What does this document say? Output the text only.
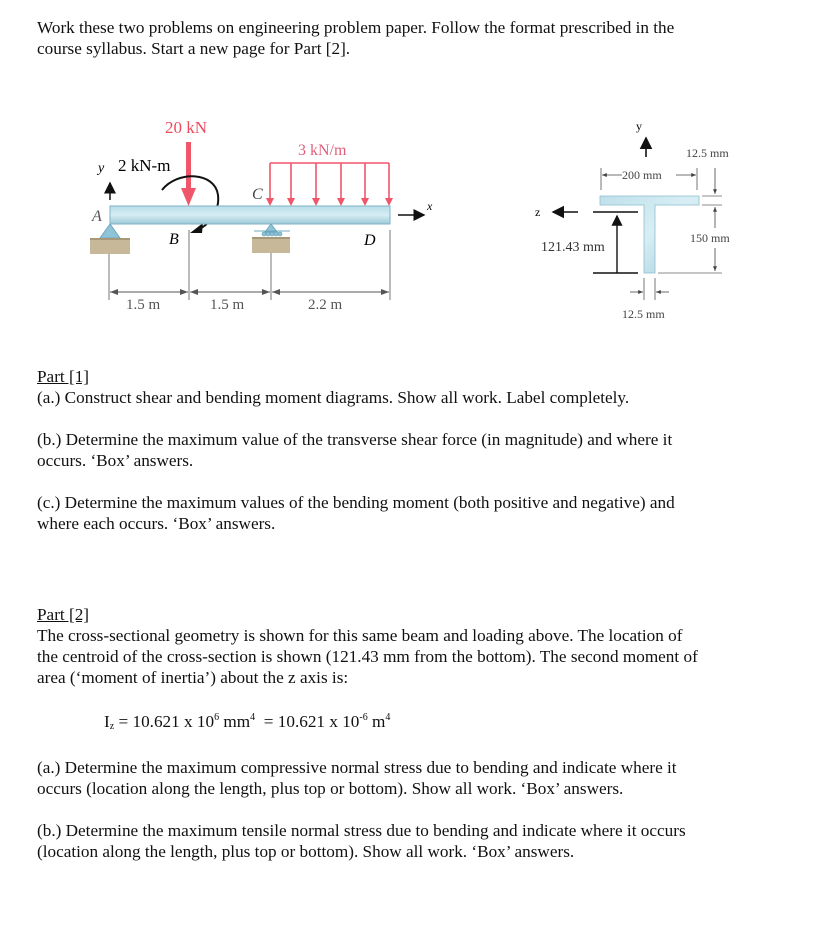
Work these two problems on engineering problem paper. Follow the format prescribed in the
course syllabus. Start a new page for Part [2].
20 kN
3 kN/m
y 2 kN-m
A
B
C
D
x
1.5 m	1.5 m	2.2 m
y
200 mm
z
121.43 mm
12.5 mm
150 mm
12.5 mm
Part [1]
(a.) Construct shear and bending moment diagrams. Show all work. Label completely.
(b.) Determine the maximum value of the transverse shear force (in magnitude) and where it
occurs. ‘Box’ answers.
(c.) Determine the maximum values of the bending moment (both positive and negative) and
where each occurs. ‘Box’ answers.
Part [2]
The cross-sectional geometry is shown for this same beam and loading above. The location of
the centroid of the cross-section is shown (121.43 mm from the bottom). The second moment of
area (‘moment of inertia’) about the z axis is:
$I_z = 10.621$ x $10^6$ $mm^4 = 10.621$ x $10^{-6}$ $m^4$
(a.) Determine the maximum compressive normal stress due to bending and indicate where it
occurs (location along the length, plus top or bottom). Show all work. ‘Box’ answers.
(b.) Determine the maximum tensile normal stress due to bending and indicate where it occurs
(location along the length, plus top or bottom). Show all work. ‘Box’ answers.
